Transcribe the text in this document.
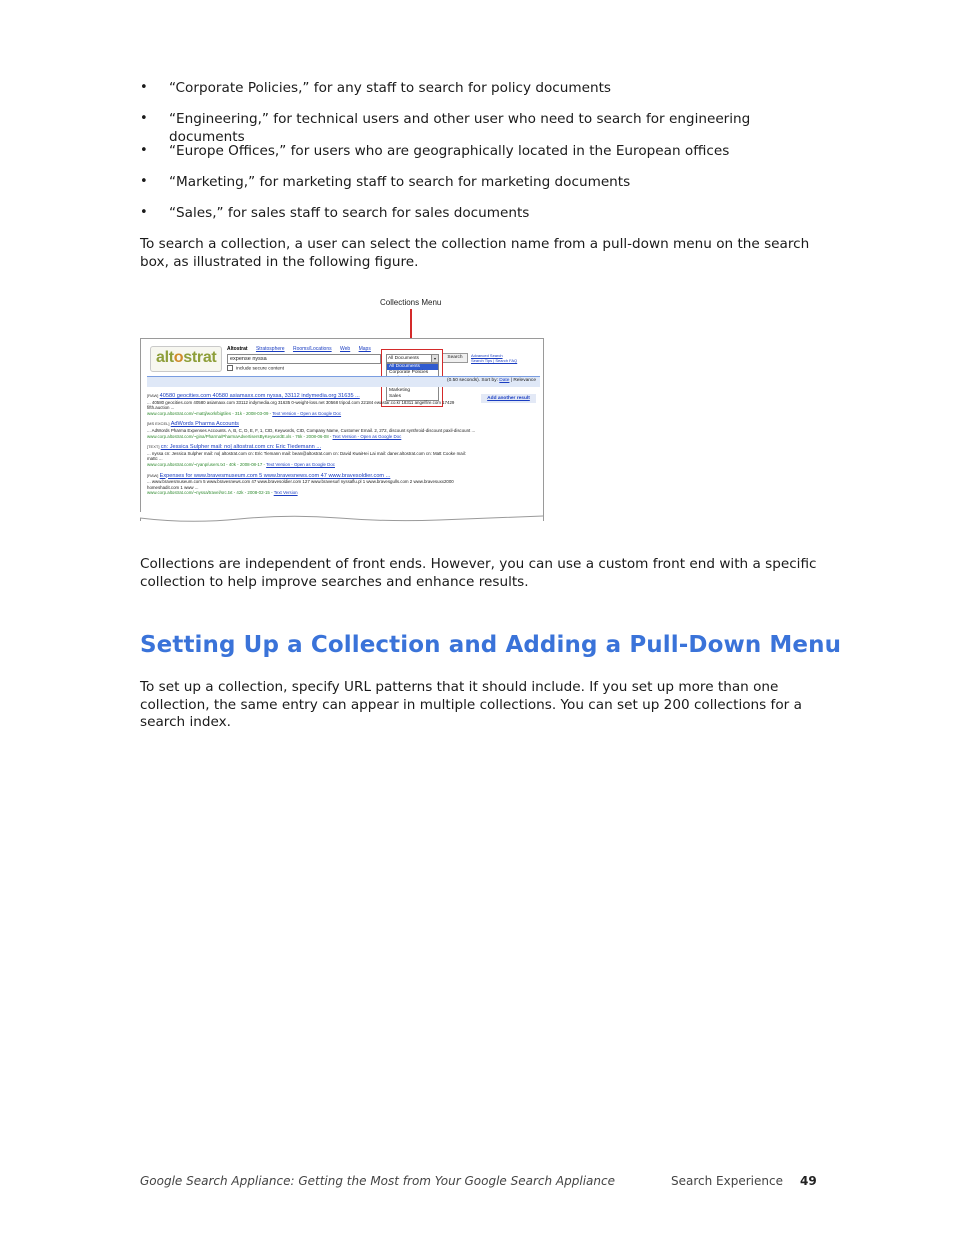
• “Corporate Policies,” for any staff to search for policy documents
• “Engineering,” for technical users and other user who need to search for engineering documents
• “Europe Offices,” for users who are geographically located in the European offices
• “Marketing,” for marketing staff to search for marketing documents
• “Sales,” for sales staff to search for sales documents

To search a collection, a user can select the collection name from a pull-down menu on the search box, as illustrated in the following figure.

Collections Menu
altostrat Altostrat Stratosphere Rooms/Locations Web Maps
expense nyssa
include secure content
All Documents	▾	Search	Advanced Search
Search Tips | Search FAQ
All Documents
Corporate Policies
Marketing
Sales
(0.50 seconds). Sort by: Date | Relevance
Add another result
[RAW] 40580 geocities.com 40580 asiamaxx.com nyssa, 33112 indymedia.org 31635 ...
... 40580 geocities.com 40580 asiamaxx.com 33112 indymedia.org 31635 0-weight-loss.net 30568 tripod.com 22184 ewastar.co.kr 18311 angelfire.com 17429 fifth.auction ...
www.corp.altostrat.com/~mattj/work/bigtiles - 31k - 2008-03-09 - Text Version - Open as Google Doc
[MS EXCEL] AdWords Pharma Accounts
... AdWords Pharma Expenses Accounts. A, B, C, D, E, F, 1, CID, Keywords, CID, Company Name, Customer Email. 2, 272, discount synthroid-discount paxil-discount ...
www.corp.altostrat.com/~gina/Pharma/PharmaAdvertisersByKeywordE.xls - 76k - 2008-06-08 - Text Version - Open as Google Doc
[TEXT] cn: Jessica Sulpher mail: no| altostrat.com cn: Eric Tiedemann ...
... nyssa cn: Jessica Sulpher mail: no| altostrat.com cn: Eric Tiemann mail: bean@altostrat.com cn: David KwaiHei Lai mail: daner.altostrat.com cn: Matt Cooke mail: mattc ...
www.corp.altostrat.com/~ryanp/users.txt - 40k - 2008-08-17 - Text Version - Open as Google Doc
[RAW] Expenses for www.bravesmuseum.com 5 www.bravesnews.com 47 www.bravesoldier.com ...
... www.bravesmuseum.com 5 www.bravesnews.com 47 www.bravesoldier.com 127 www.bravesurl nyssaflu.pl 1 www.bravesgulls.com 2 www.bravesuxx2000 homeshadit.com 1 www ...
www.corp.altostrat.com/~nyssa/travel/src.txt - 42k - 2008-02-15 - Text Version

Collections are independent of front ends. However, you can use a custom front end with a specific collection to help improve searches and enhance results.

Setting Up a Collection and Adding a Pull-Down Menu

To set up a collection, specify URL patterns that it should include. If you set up more than one collection, the same entry can appear in multiple collections. You can set up 200 collections for a search index.

Google Search Appliance: Getting the Most from Your Google Search Appliance	Search Experience 49
